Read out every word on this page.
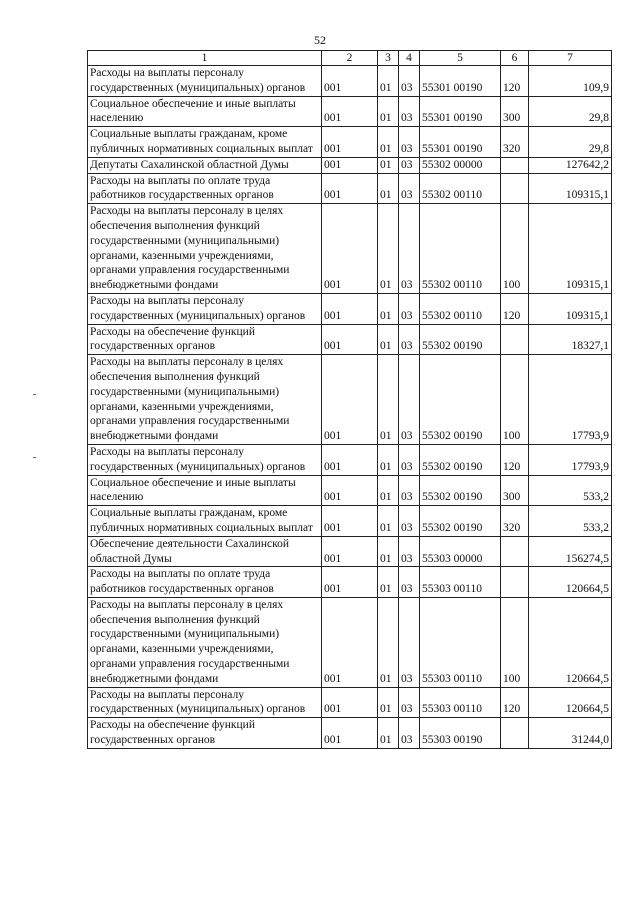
52
1	2	3	4	5	6	7
Расходы на выплаты персоналу государственных (муниципальных) органов	001	01	03	55301 00190	120	109,9
Социальное обеспечение и иные выплаты населению	001	01	03	55301 00190	300	29,8
Социальные выплаты гражданам, кроме публичных нормативных социальных выплат	001	01	03	55301 00190	320	29,8
Депутаты Сахалинской областной Думы	001	01	03	55302 00000		127642,2
Расходы на выплаты по оплате труда работников государственных органов	001	01	03	55302 00110		109315,1
Расходы на выплаты персоналу в целях обеспечения выполнения функций государственными (муниципальными) органами, казенными учреждениями, органами управления государственными внебюджетными фондами	001	01	03	55302 00110	100	109315,1
Расходы на выплаты персоналу государственных (муниципальных) органов	001	01	03	55302 00110	120	109315,1
Расходы на обеспечение функций государственных органов	001	01	03	55302 00190		18327,1
Расходы на выплаты персоналу в целях обеспечения выполнения функций государственными (муниципальными) органами, казенными учреждениями, органами управления государственными внебюджетными фондами	001	01	03	55302 00190	100	17793,9
Расходы на выплаты персоналу государственных (муниципальных) органов	001	01	03	55302 00190	120	17793,9
Социальное обеспечение и иные выплаты населению	001	01	03	55302 00190	300	533,2
Социальные выплаты гражданам, кроме публичных нормативных социальных выплат	001	01	03	55302 00190	320	533,2
Обеспечение деятельности Сахалинской областной Думы	001	01	03	55303 00000		156274,5
Расходы на выплаты по оплате труда работников государственных органов	001	01	03	55303 00110		120664,5
Расходы на выплаты персоналу в целях обеспечения выполнения функций государственными (муниципальными) органами, казенными учреждениями, органами управления государственными внебюджетными фондами	001	01	03	55303 00110	100	120664,5
Расходы на выплаты персоналу государственных (муниципальных) органов	001	01	03	55303 00110	120	120664,5
Расходы на обеспечение функций государственных органов	001	01	03	55303 00190		31244,0
